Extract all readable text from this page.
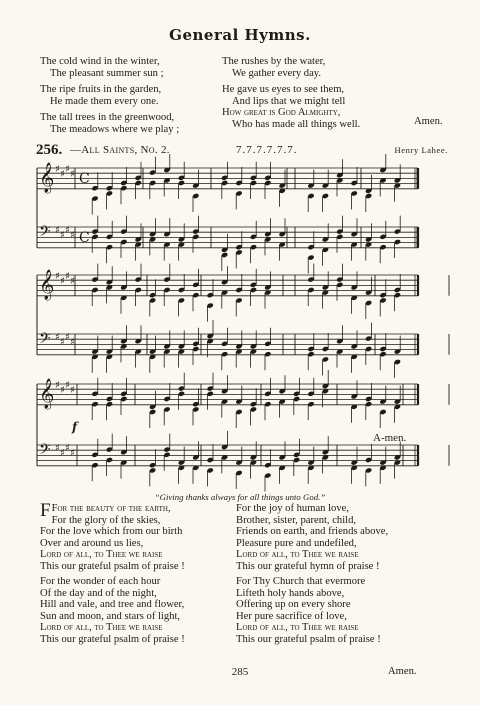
General Hymns.
The cold wind in the winter,
The pleasant summer sun ;
The ripe fruits in the garden,
He made them every one.
The tall trees in the greenwood,
The meadows where we play ;
The rushes by the water,
We gather every day.
He gave us eyes to see them,
And lips that we might tell
How great is God Almighty,
Who has made all things well.	Amen.
256. —All Saints, No. 2.	7.7.7.7.7.7.	Henry Lahee.
𝄞 ♯ ♯ ♯ ♯ C
𝄢 ♯ ♯ ♯ ♯ C
𝄞 ♯ ♯ ♯ ♯
𝄢 ♯ ♯ ♯ ♯
𝄞 ♯ ♯ ♯ ♯
𝄢 ♯ ♯ ♯ ♯
f
A-men.
“Giving thanks always for all things unto God.”
F For the beauty of the earth,
For the glory of the skies,
For the love which from our birth
Over and around us lies,
Lord of all, to Thee we raise
This our grateful psalm of praise !
For the wonder of each hour
Of the day and of the night,
Hill and vale, and tree and flower,
Sun and moon, and stars of light,
Lord of all, to Thee we raise
This our grateful psalm of praise !
For the joy of human love,
Brother, sister, parent, child,
Friends on earth, and friends above,
Pleasure pure and undefiled,
Lord of all, to Thee we raise
This our grateful hymn of praise !
For Thy Church that evermore
Lifteth holy hands above,
Offering up on every shore
Her pure sacrifice of love,
Lord of all, to Thee we raise
This our grateful psalm of praise !
285	Amen.
